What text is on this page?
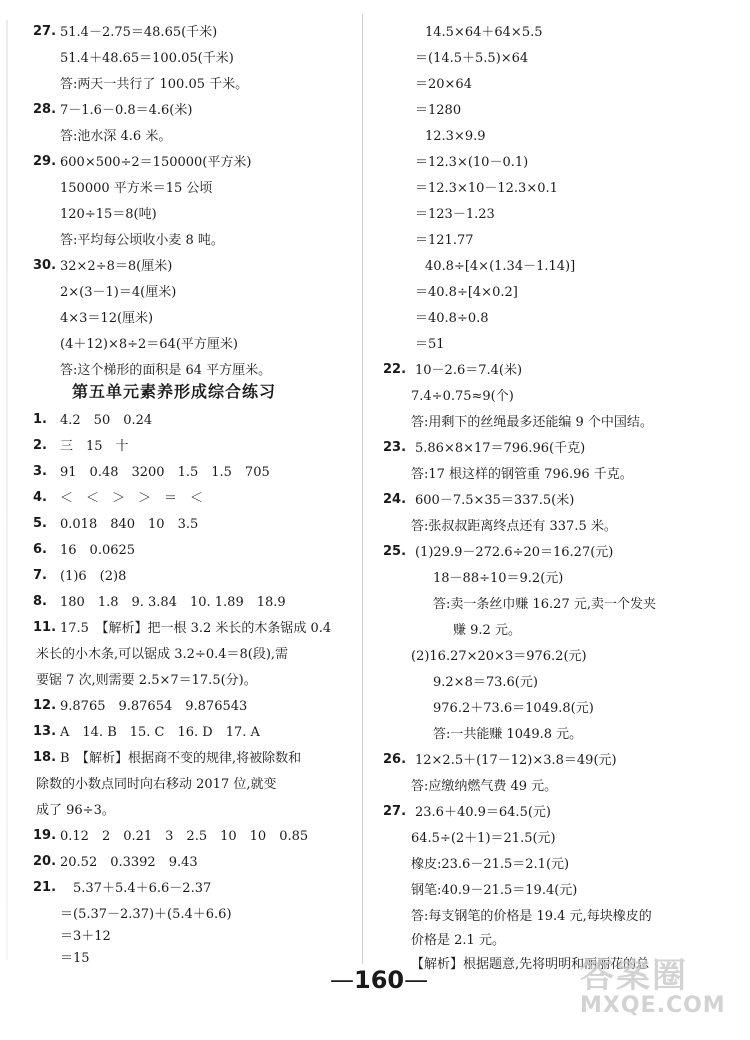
27. 51.4－2.75＝48.65(千米)
51.4＋48.65＝100.05(千米)
答:两天一共行了 100.05 千米。
28. 7－1.6－0.8＝4.6(米)
答:池水深 4.6 米。
29. 600×500÷2＝150000(平方米)
150000 平方米＝15 公顷
120÷15＝8(吨)
答:平均每公顷收小麦 8 吨。
30. 32×2÷8＝8(厘米)
2×(3－1)＝4(厘米)
4×3＝12(厘米)
(4＋12)×8÷2＝64(平方厘米)
答:这个梯形的面积是 64 平方厘米。
1. 4.2　50　0.24
2. 三　15　十
3. 91　0.48　3200　1.5　1.5　705
4. ＜　＜　＞　＞　＝　＜
5. 0.018　840　10　3.5
6. 16　0.0625
7. (1)6　(2)8
8. 180　1.8　9. 3.84　10. 1.89　18.9
11. 17.5　【解析】把一根 3.2 米长的木条锯成 0.4
米长的小木条,可以锯成 3.2÷0.4＝8(段),需
要锯 7 次,则需要 2.5×7＝17.5(分)。
12. 9.8765　9.87654　9.876543
13. A　14. B　15. C　16. D　17. A
18. B　【解析】根据商不变的规律,将被除数和
除数的小数点同时向右移动 2017 位,就变
成了 96÷3。
19. 0.12　2　0.21　3　2.5　10　10　0.85
20. 20.52　0.3392　9.43
21. 　5.37＋5.4＋6.6－2.37
＝(5.37－2.37)＋(5.4＋6.6)
＝3＋12
＝15
14.5×64＋64×5.5
＝(14.5＋5.5)×64
＝20×64
＝1280
12.3×9.9
＝12.3×(10－0.1)
＝12.3×10－12.3×0.1
＝123－1.23
＝121.77
40.8÷[4×(1.34－1.14)]
＝40.8÷[4×0.2]
＝40.8÷0.8
＝51
22. 10－2.6＝7.4(米)
7.4÷0.75≈9(个)
答:用剩下的丝绳最多还能编 9 个中国结。
23. 5.86×8×17＝796.96(千克)
答:17 根这样的钢管重 796.96 千克。
24. 600－7.5×35＝337.5(米)
答:张叔叔距离终点还有 337.5 米。
25. (1)29.9－272.6÷20＝16.27(元)
18－88÷10＝9.2(元)
答:卖一条丝巾赚 16.27 元,卖一个发夹
赚 9.2 元。
(2)16.27×20×3＝976.2(元)
9.2×8＝73.6(元)
976.2＋73.6＝1049.8(元)
答:一共能赚 1049.8 元。
26. 12×2.5＋(17－12)×3.8＝49(元)
答:应缴纳燃气费 49 元。
27. 23.6＋40.9＝64.5(元)
64.5÷(2＋1)＝21.5(元)
橡皮:23.6－21.5＝2.1(元)
钢笔:40.9－21.5＝19.4(元)
答:每支钢笔的价格是 19.4 元,每块橡皮的
价格是 2.1 元。
【解析】根据题意,先将明明和丽丽花的总
第五单元素养形成综合练习
—160—	答案圈
MXQE.COM
